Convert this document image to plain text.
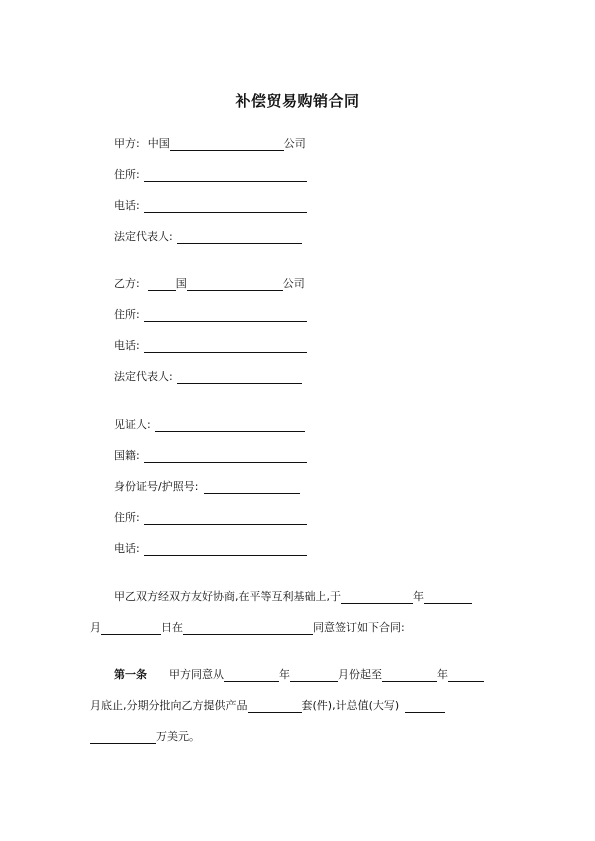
补偿贸易购销合同
甲方: 中国	公司
住所:
电话:
法定代表人:
乙方:	国	公司
住所:
电话:
法定代表人:
见证人:
国籍:
身份证号/护照号:
住所:
电话:
甲乙双方经双方友好协商,在平等互利基础上,于	年
月	日在	同意签订如下合同:
第一条 甲方同意从	年	月份起至	年
月底止,分期分批向乙方提供产品	套(件),计总值(大写)
万美元。
